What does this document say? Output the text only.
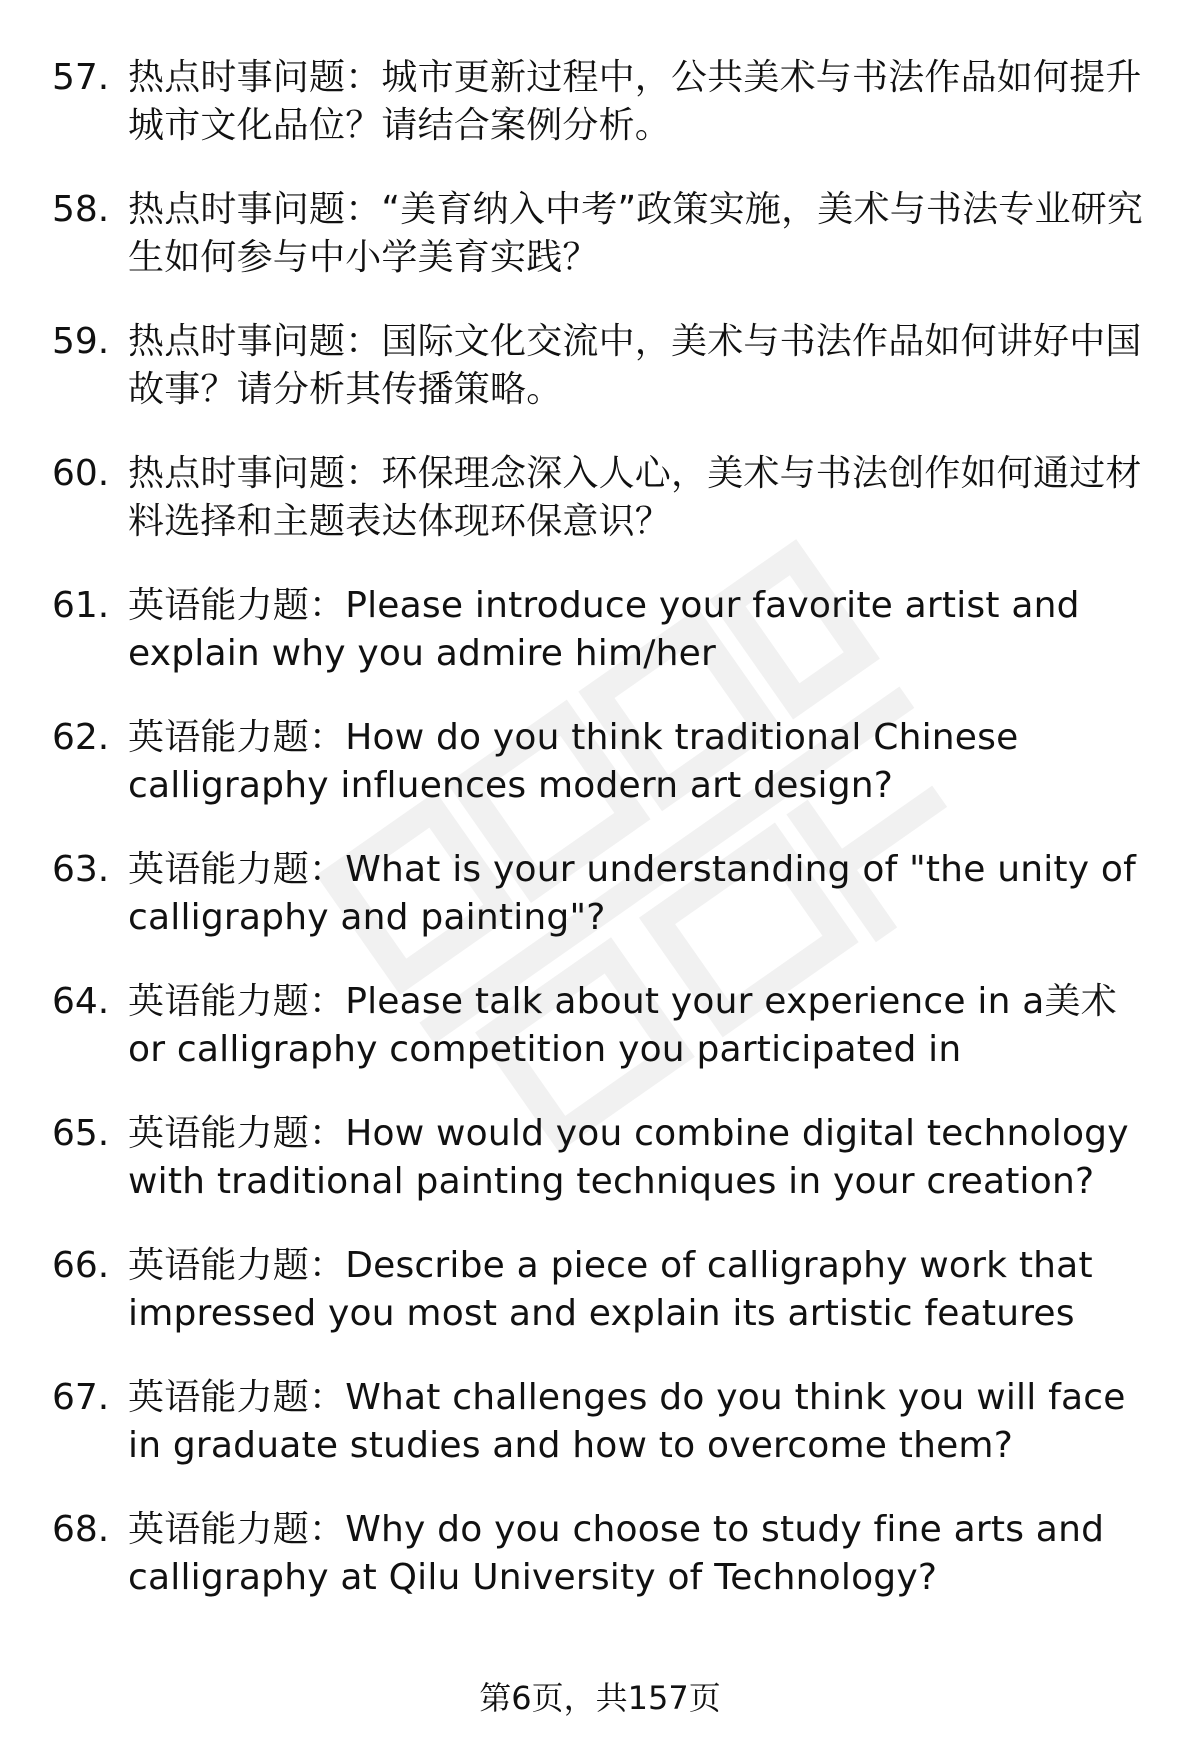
57. 热点时事问题：城市更新过程中，公共美术与书法作品如何提升城市文化品位？请结合案例分析。
58. 热点时事问题：“美育纳入中考”政策实施，美术与书法专业研究生如何参与中小学美育实践？
59. 热点时事问题：国际文化交流中，美术与书法作品如何讲好中国故事？请分析其传播策略。
60. 热点时事问题：环保理念深入人心，美术与书法创作如何通过材料选择和主题表达体现环保意识？
61. 英语能力题：Please introduce your favorite artist and explain why you admire him/her
62. 英语能力题：How do you think traditional Chinese calligraphy influences modern art design?
63. 英语能力题：What is your understanding of "the unity of calligraphy and painting"?
64. 英语能力题：Please talk about your experience in a美术 or calligraphy competition you participated in
65. 英语能力题：How would you combine digital technology with traditional painting techniques in your creation?
66. 英语能力题：Describe a piece of calligraphy work that impressed you most and explain its artistic features
67. 英语能力题：What challenges do you think you will face in graduate studies and how to overcome them?
68. 英语能力题：Why do you choose to study fine arts and calligraphy at Qilu University of Technology?
第6页，共157页
